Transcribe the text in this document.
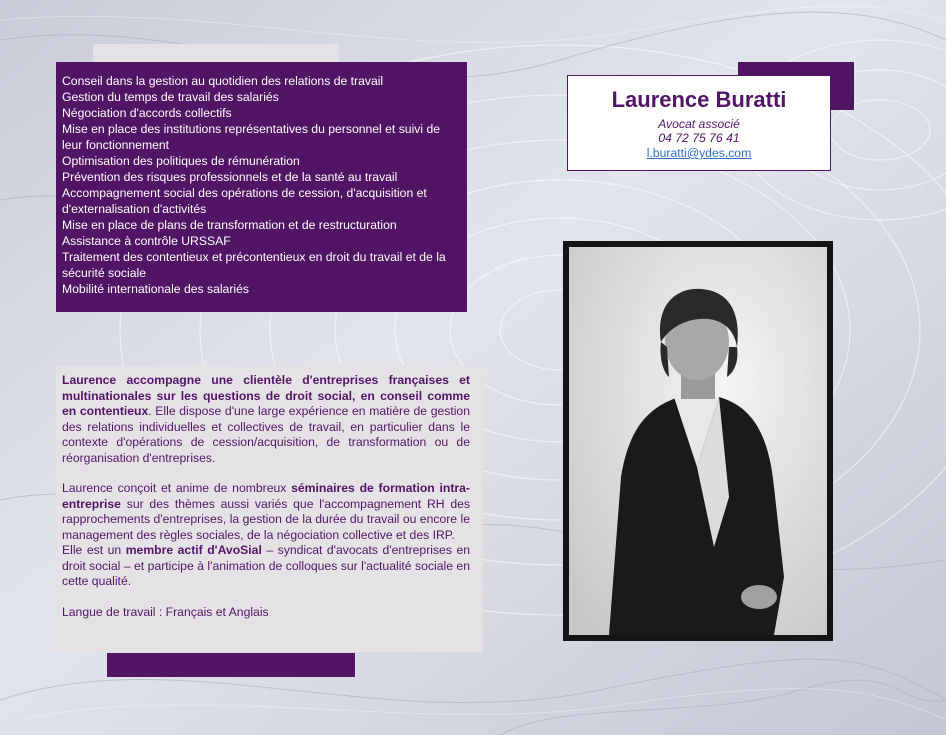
Conseil dans la gestion au quotidien des relations de travail
Gestion du temps de travail des salariés
Négociation d'accords collectifs
Mise en place des institutions représentatives du personnel et suivi de leur fonctionnement
Optimisation des politiques de rémunération
Prévention des risques professionnels et de la santé au travail
Accompagnement social des opérations de cession, d'acquisition et d'externalisation d'activités
Mise en place de plans de transformation et de restructuration
Assistance à contrôle URSSAF
Traitement des contentieux et précontentieux en droit du travail et de la sécurité sociale
Mobilité internationale des salariés
Laurence Buratti
Avocat associé
04 72 75 76 41
l.buratti@ydes.com

Laurence accompagne une clientèle d'entreprises françaises et multinationales sur les questions de droit social, en conseil comme en contentieux. Elle dispose d'une large expérience en matière de gestion des relations individuelles et collectives de travail, en particulier dans le contexte d'opérations de cession/acquisition, de transformation ou de réorganisation d'entreprises.

Laurence conçoit et anime de nombreux séminaires de formation intra-entreprise sur des thèmes aussi variés que l'accompagnement RH des rapprochements d'entreprises, la gestion de la durée du travail ou encore le management des règles sociales, de la négociation collective et des IRP.

Elle est un membre actif d'AvoSial – syndicat d'avocats d'entreprises en droit social – et participe à l'animation de colloques sur l'actualité sociale en cette qualité.

Langue de travail : Français et Anglais
